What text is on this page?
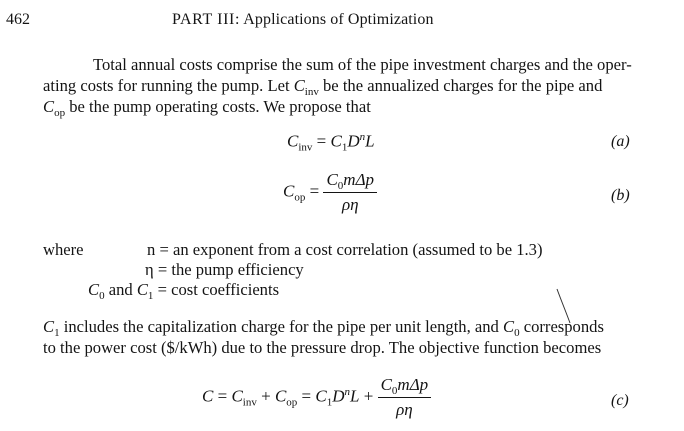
462	PART III: Applications of Optimization
Total annual costs comprise the sum of the pipe investment charges and the oper-
ating costs for running the pump. Let $C_{inv}$ be the annualized charges for the pipe and
$C_{op}$ be the pump operating costs. We propose that
$C_{inv} = C_1D^nL$	(a)
$C_{op} = \frac{C_0m\Delta p}{\rho\eta}$	(b)
where	n = an exponent from a cost correlation (assumed to be 1.3)
η = the pump efficiency
$C_0$ and $C_1 = \cos t$ coefficients
$C_1$ includes the capitalization charge for the pipe per unit length, and $C_0$ corresponds
to the power cost ($/kWh) due to the pressure drop. The objective function becomes
$C = C_{inv} + C_{op} = C_1D^nL + \frac{C_0m\Delta p}{\rho\eta}$	(c)
